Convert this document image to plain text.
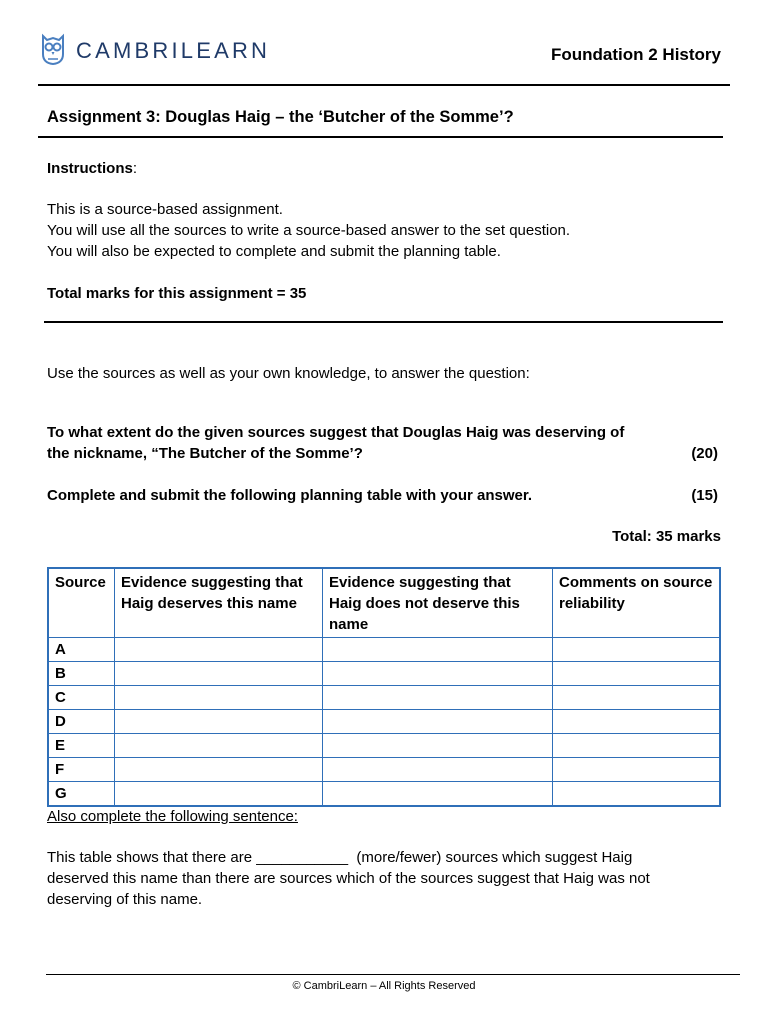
CAMBRILEARN	Foundation 2 History
Assignment 3: Douglas Haig – the ‘Butcher of the Somme’?
Instructions:
This is a source-based assignment.
You will use all the sources to write a source-based answer to the set question.
You will also be expected to complete and submit the planning table.
Total marks for this assignment = 35
Use the sources as well as your own knowledge, to answer the question:
To what extent do the given sources suggest that Douglas Haig was deserving of
the nickname, “The Butcher of the Somme’?	(20)
Complete and submit the following planning table with your answer.	(15)
Total: 35 marks
Source	Evidence suggesting that Haig deserves this name	Evidence suggesting that Haig does not deserve this name	Comments on source reliability
A			
B			
C			
D			
E			
F			
G			
Also complete the following sentence:
This table shows that there are ___________  (more/fewer) sources which suggest Haig
deserved this name than there are sources which of the sources suggest that Haig was not
deserving of this name.
© CambriLearn – All Rights Reserved
